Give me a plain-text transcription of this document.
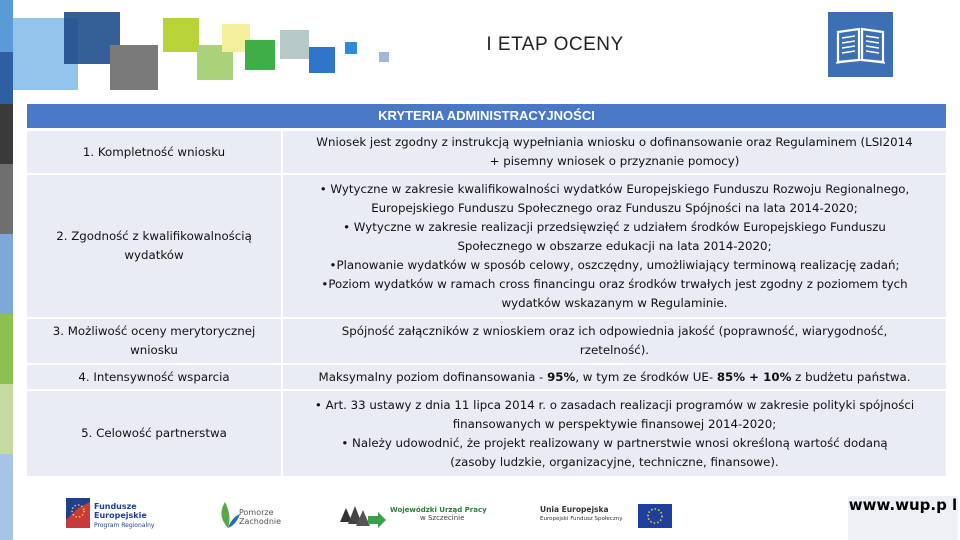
I ETAP OCENY
KRYTERIA ADMINISTRACYJNOŚCI
1. Kompletność wniosku
Wniosek jest zgodny z instrukcją wypełniania wniosku o dofinansowanie oraz Regulaminem (LSI2014
+ pisemny wniosek o przyznanie pomocy)
2. Zgodność z kwalifikowalnością wydatków
• Wytyczne w zakresie kwalifikowalności wydatków Europejskiego Funduszu Rozwoju Regionalnego,
Europejskiego Funduszu Społecznego oraz Funduszu Spójności na lata 2014-2020;
• Wytyczne w zakresie realizacji przedsięwzięć z udziałem środków Europejskiego Funduszu
Społecznego w obszarze edukacji na lata 2014-2020;
•Planowanie wydatków w sposób celowy, oszczędny, umożliwiający terminową realizację zadań;
•Poziom wydatków w ramach cross financingu oraz środków trwałych jest zgodny z poziomem tych
wydatków wskazanym w Regulaminie.
3. Możliwość oceny merytorycznej wniosku
Spójność załączników z wnioskiem oraz ich odpowiednia jakość (poprawność, wiarygodność,
rzetelność).
4. Intensywność wsparcia	Maksymalny poziom dofinansowania - 95%, w tym ze środków UE- 85% + 10% z budżetu państwa.
5. Celowość partnerstwa
• Art. 33 ustawy z dnia 11 lipca 2014 r. o zasadach realizacji programów w zakresie polityki spójności
finansowanych w perspektywie finansowej 2014-2020;
• Należy udowodnić, że projekt realizowany w partnerstwie wnosi określoną wartość dodaną
(zasoby ludzkie, organizacyjne, techniczne, finansowe).
Fundusze
Europejskie
Program Regionalny
Pomorze
Zachodnie
Wojewódzki Urząd Pracy
w Szczecinie
Unia Europejska
Europejski Fundusz Społeczny
www.wup.p l
